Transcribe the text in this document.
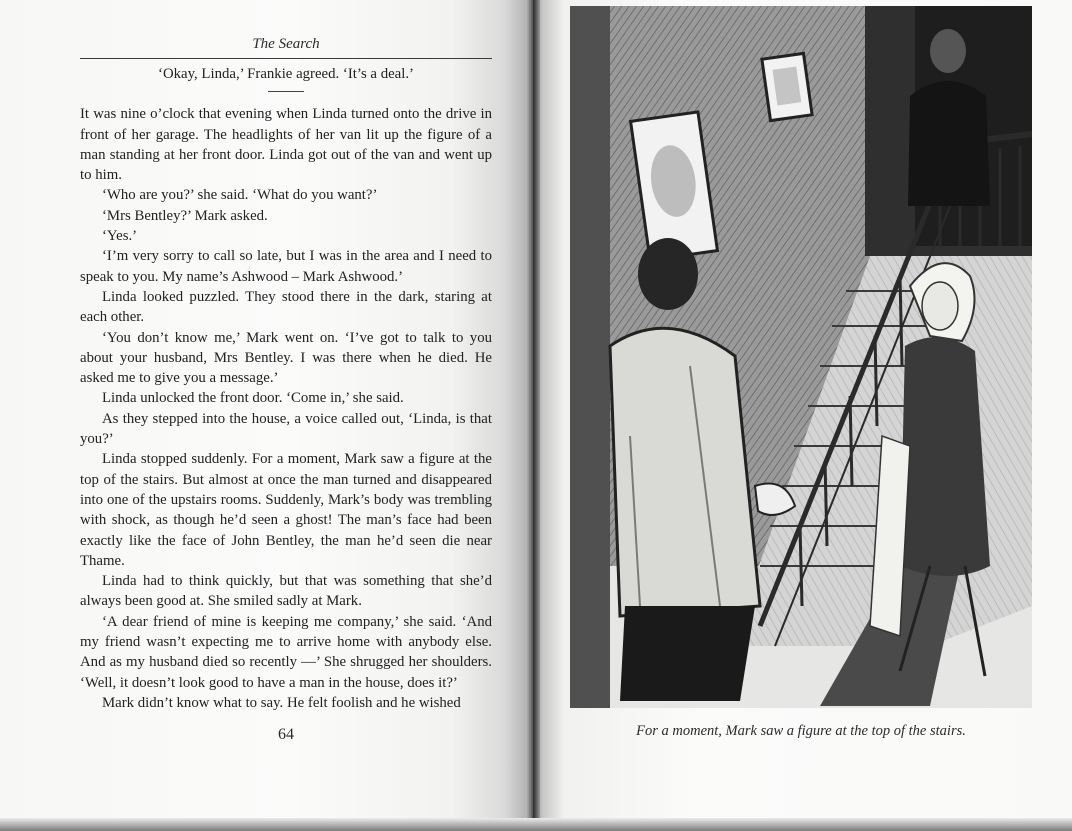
The Search

‘Okay, Linda,’ Frankie agreed. ‘It’s a deal.’

It was nine o’clock that evening when Linda turned onto the drive in front of her garage. The headlights of her van lit up the figure of a man standing at her front door. Linda got out of the van and went up to him.

‘Who are you?’ she said. ‘What do you want?’

‘Mrs Bentley?’ Mark asked.

‘Yes.’

‘I’m very sorry to call so late, but I was in the area and I need to speak to you. My name’s Ashwood – Mark Ashwood.’

Linda looked puzzled. They stood there in the dark, staring at each other.

‘You don’t know me,’ Mark went on. ‘I’ve got to talk to you about your husband, Mrs Bentley. I was there when he died. He asked me to give you a message.’

Linda unlocked the front door. ‘Come in,’ she said.

As they stepped into the house, a voice called out, ‘Linda, is that you?’

Linda stopped suddenly. For a moment, Mark saw a figure at the top of the stairs. But almost at once the man turned and disappeared into one of the upstairs rooms. Suddenly, Mark’s body was trembling with shock, as though he’d seen a ghost! The man’s face had been exactly like the face of John Bentley, the man he’d seen die near Thame.

Linda had to think quickly, but that was something that she’d always been good at. She smiled sadly at Mark.

‘A dear friend of mine is keeping me company,’ she said. ‘And my friend wasn’t expecting me to arrive home with anybody else. And as my husband died so recently —’ She shrugged her shoulders. ‘Well, it doesn’t look good to have a man in the house, does it?’

Mark didn’t know what to say. He felt foolish and he wished

64	For a moment, Mark saw a figure at the top of the stairs.
